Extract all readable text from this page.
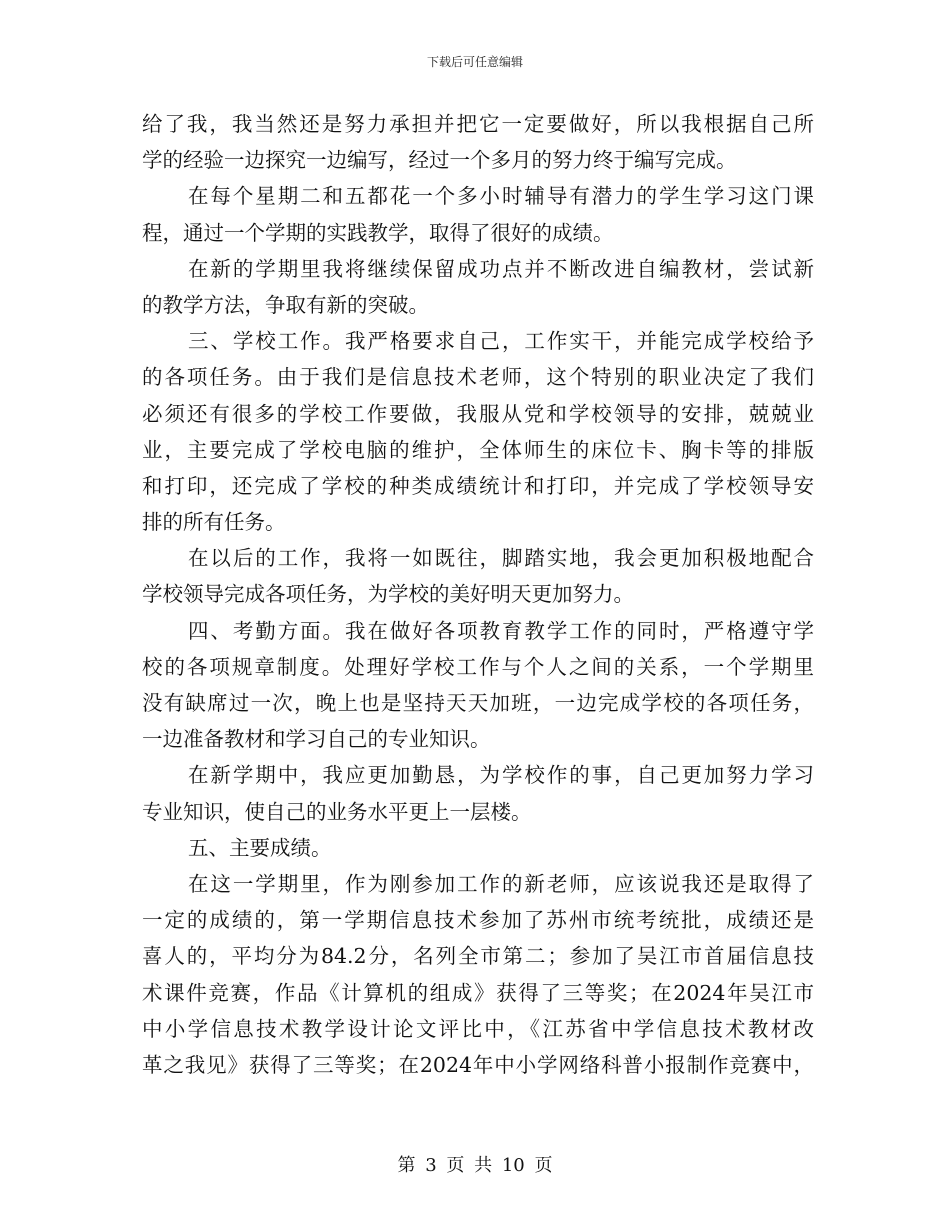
下载后可任意编辑
给了我，我当然还是努力承担并把它一定要做好，所以我根据自己所
学的经验一边探究一边编写，经过一个多月的努力终于编写完成。
在每个星期二和五都花一个多小时辅导有潜力的学生学习这门课
程，通过一个学期的实践教学，取得了很好的成绩。
在新的学期里我将继续保留成功点并不断改进自编教材，尝试新
的教学方法，争取有新的突破。
三、学校工作。我严格要求自己，工作实干，并能完成学校给予
的各项任务。由于我们是信息技术老师，这个特别的职业决定了我们
必须还有很多的学校工作要做，我服从党和学校领导的安排，兢兢业
业，主要完成了学校电脑的维护，全体师生的床位卡、胸卡等的排版
和打印，还完成了学校的种类成绩统计和打印，并完成了学校领导安
排的所有任务。
在以后的工作，我将一如既往，脚踏实地，我会更加积极地配合
学校领导完成各项任务，为学校的美好明天更加努力。
四、考勤方面。我在做好各项教育教学工作的同时，严格遵守学
校的各项规章制度。处理好学校工作与个人之间的关系，一个学期里
没有缺席过一次，晚上也是坚持天天加班，一边完成学校的各项任务，
一边准备教材和学习自己的专业知识。
在新学期中，我应更加勤恳，为学校作的事，自己更加努力学习
专业知识，使自己的业务水平更上一层楼。
五、主要成绩。
在这一学期里，作为刚参加工作的新老师，应该说我还是取得了
一定的成绩的，第一学期信息技术参加了苏州市统考统批，成绩还是
喜人的，平均分为84.2分，名列全市第二；参加了吴江市首届信息技
术课件竞赛，作品《计算机的组成》获得了三等奖；在2024年吴江市
中小学信息技术教学设计论文评比中，《江苏省中学信息技术教材改
革之我见》获得了三等奖；在2024年中小学网络科普小报制作竞赛中，
第 3 页 共 10 页
